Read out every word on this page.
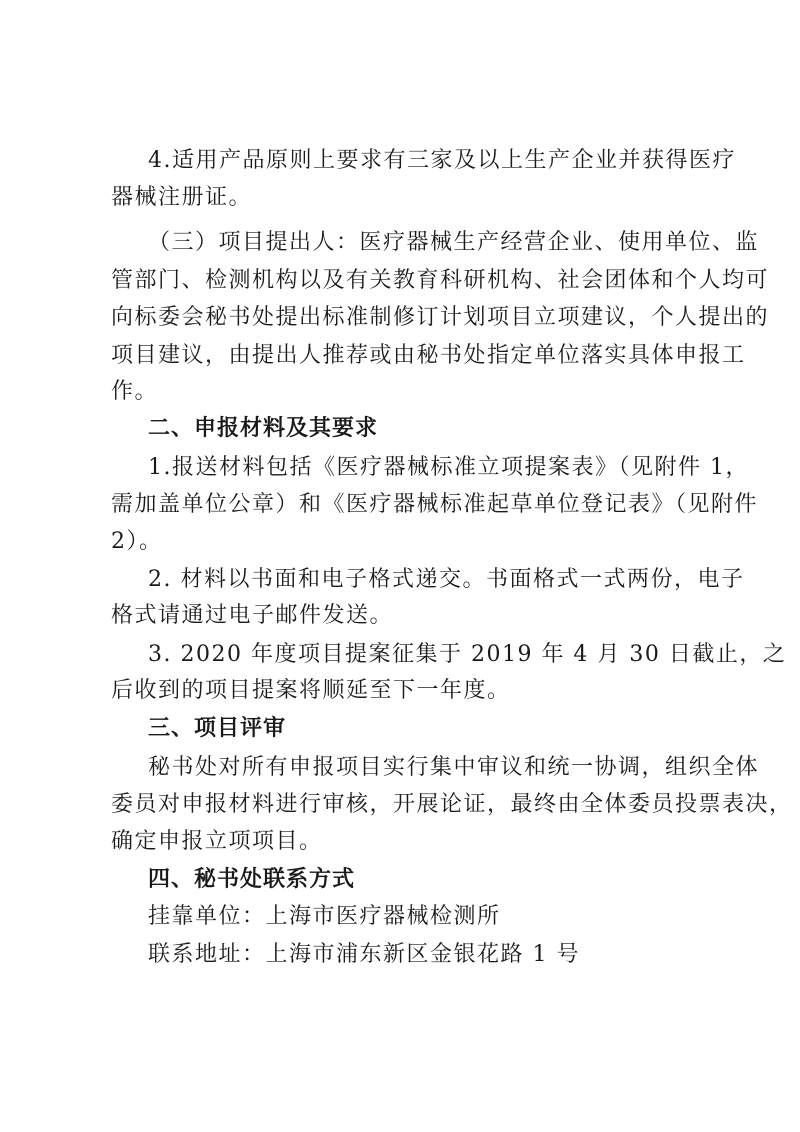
4.适用产品原则上要求有三家及以上生产企业并获得医疗

器械注册证。

（三）项目提出人：医疗器械生产经营企业、使用单位、监

管部门、检测机构以及有关教育科研机构、社会团体和个人均可

向标委会秘书处提出标准制修订计划项目立项建议，个人提出的

项目建议，由提出人推荐或由秘书处指定单位落实具体申报工

作。

二、申报材料及其要求

1.报送材料包括《医疗器械标准立项提案表》（见附件 1，

需加盖单位公章）和《医疗器械标准起草单位登记表》（见附件

2）。

2. 材料以书面和电子格式递交。书面格式一式两份，电子

格式请通过电子邮件发送。

3. 2020 年度项目提案征集于 2019 年 4 月 30 日截止，之

后收到的项目提案将顺延至下一年度。

三、项目评审

秘书处对所有申报项目实行集中审议和统一协调，组织全体

委员对申报材料进行审核，开展论证，最终由全体委员投票表决，

确定申报立项项目。

四、秘书处联系方式

挂靠单位：上海市医疗器械检测所

联系地址：上海市浦东新区金银花路 1 号
